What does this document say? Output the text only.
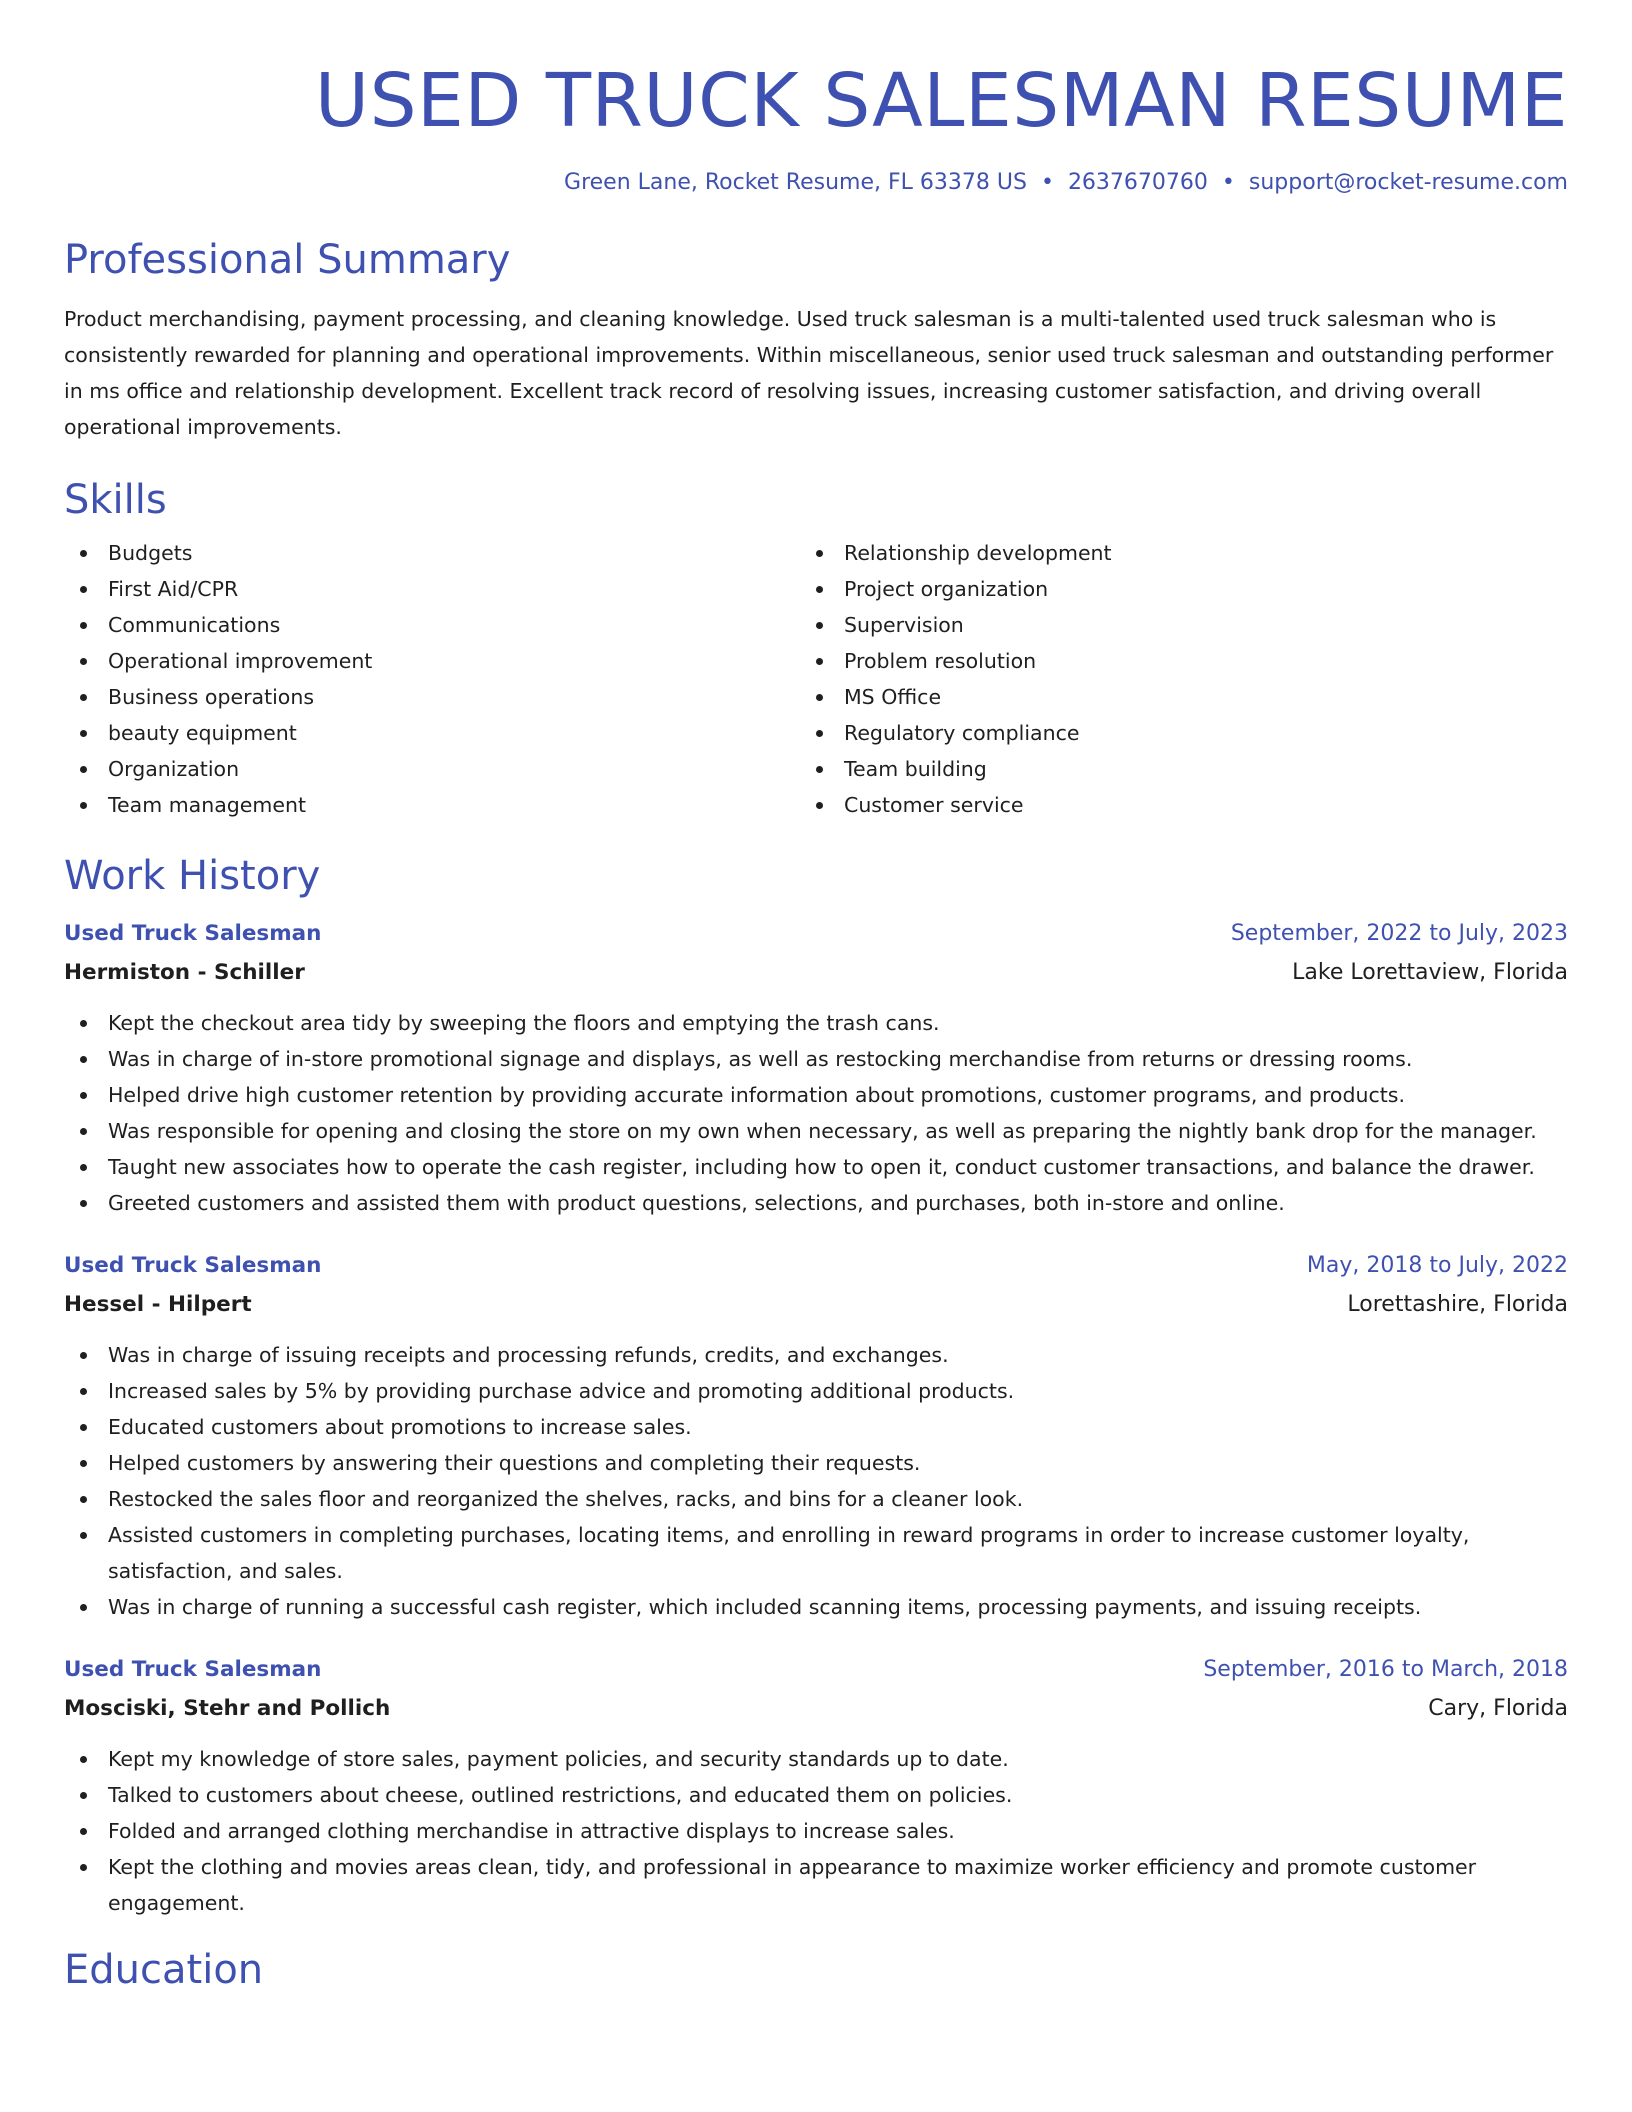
USED TRUCK SALESMAN RESUME
Green Lane, Rocket Resume, FL 63378 US • 2637670760 • support@rocket-resume.com
Professional Summary

Product merchandising, payment processing, and cleaning knowledge. Used truck salesman is a multi-talented used truck salesman who is consistently rewarded for planning and operational improvements. Within miscellaneous, senior used truck salesman and outstanding performer in ms office and relationship development. Excellent track record of resolving issues, increasing customer satisfaction, and driving overall operational improvements.

Skills
Budgets
First Aid/CPR
Communications
Operational improvement
Business operations
beauty equipment
Organization
Team management
Relationship development
Project organization
Supervision
Problem resolution
MS Office
Regulatory compliance
Team building
Customer service
Work History
Used Truck Salesman	September, 2022 to July, 2023
Hermiston - Schiller	Lake Lorettaview, Florida
Kept the checkout area tidy by sweeping the floors and emptying the trash cans.
Was in charge of in-store promotional signage and displays, as well as restocking merchandise from returns or dressing rooms.
Helped drive high customer retention by providing accurate information about promotions, customer programs, and products.
Was responsible for opening and closing the store on my own when necessary, as well as preparing the nightly bank drop for the manager.
Taught new associates how to operate the cash register, including how to open it, conduct customer transactions, and balance the drawer.
Greeted customers and assisted them with product questions, selections, and purchases, both in-store and online.
Used Truck Salesman	May, 2018 to July, 2022
Hessel - Hilpert	Lorettashire, Florida
Was in charge of issuing receipts and processing refunds, credits, and exchanges.
Increased sales by 5% by providing purchase advice and promoting additional products.
Educated customers about promotions to increase sales.
Helped customers by answering their questions and completing their requests.
Restocked the sales floor and reorganized the shelves, racks, and bins for a cleaner look.
Assisted customers in completing purchases, locating items, and enrolling in reward programs in order to increase customer loyalty, satisfaction, and sales.
Was in charge of running a successful cash register, which included scanning items, processing payments, and issuing receipts.
Used Truck Salesman	September, 2016 to March, 2018
Mosciski, Stehr and Pollich	Cary, Florida
Kept my knowledge of store sales, payment policies, and security standards up to date.
Talked to customers about cheese, outlined restrictions, and educated them on policies.
Folded and arranged clothing merchandise in attractive displays to increase sales.
Kept the clothing and movies areas clean, tidy, and professional in appearance to maximize worker efficiency and promote customer engagement.
Education
